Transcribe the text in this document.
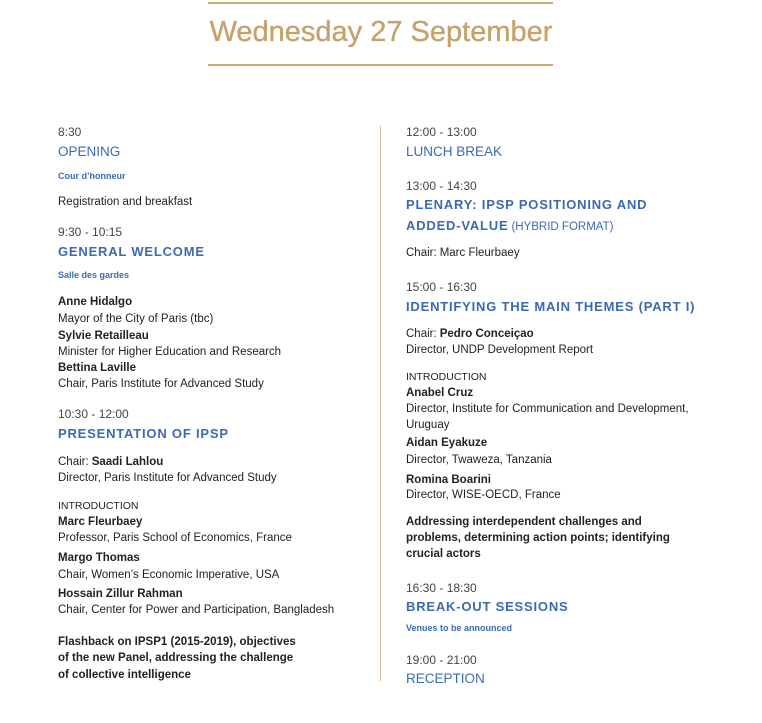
Wednesday 27 September
8:30
OPENING
Cour d’honneur
Registration and breakfast
9:30 - 10:15
GENERAL WELCOME
Salle des gardes
Anne Hidalgo
Mayor of the City of Paris (tbc)
Sylvie Retailleau
Minister for Higher Education and Research
Bettina Laville
Chair, Paris Institute for Advanced Study
10:30 - 12:00
PRESENTATION OF IPSP
Chair: Saadi Lahlou
Director, Paris Institute for Advanced Study
INTRODUCTION
Marc Fleurbaey
Professor, Paris School of Economics, France
Margo Thomas
Chair, Women’s Economic Imperative, USA
Hossain Zillur Rahman
Chair, Center for Power and Participation, Bangladesh
Flashback on IPSP1 (2015-2019), objectives
of the new Panel, addressing the challenge
of collective intelligence
12:00 - 13:00
LUNCH BREAK
13:00 - 14:30
PLENARY: IPSP POSITIONING AND
ADDED-VALUE (HYBRID FORMAT)
Chair: Marc Fleurbaey
15:00 - 16:30
IDENTIFYING THE MAIN THEMES (PART I)
Chair: Pedro Conceiçao
Director, UNDP Development Report
INTRODUCTION
Anabel Cruz
Director, Institute for Communication and Development, Uruguay
Aidan Eyakuze
Director, Twaweza, Tanzania
Romina Boarini
Director, WISE-OECD, France
Addressing interdependent challenges and
problems, determining action points; identifying
crucial actors
16:30 - 18:30
BREAK-OUT SESSIONS
Venues to be announced
19:00 - 21:00
RECEPTION
